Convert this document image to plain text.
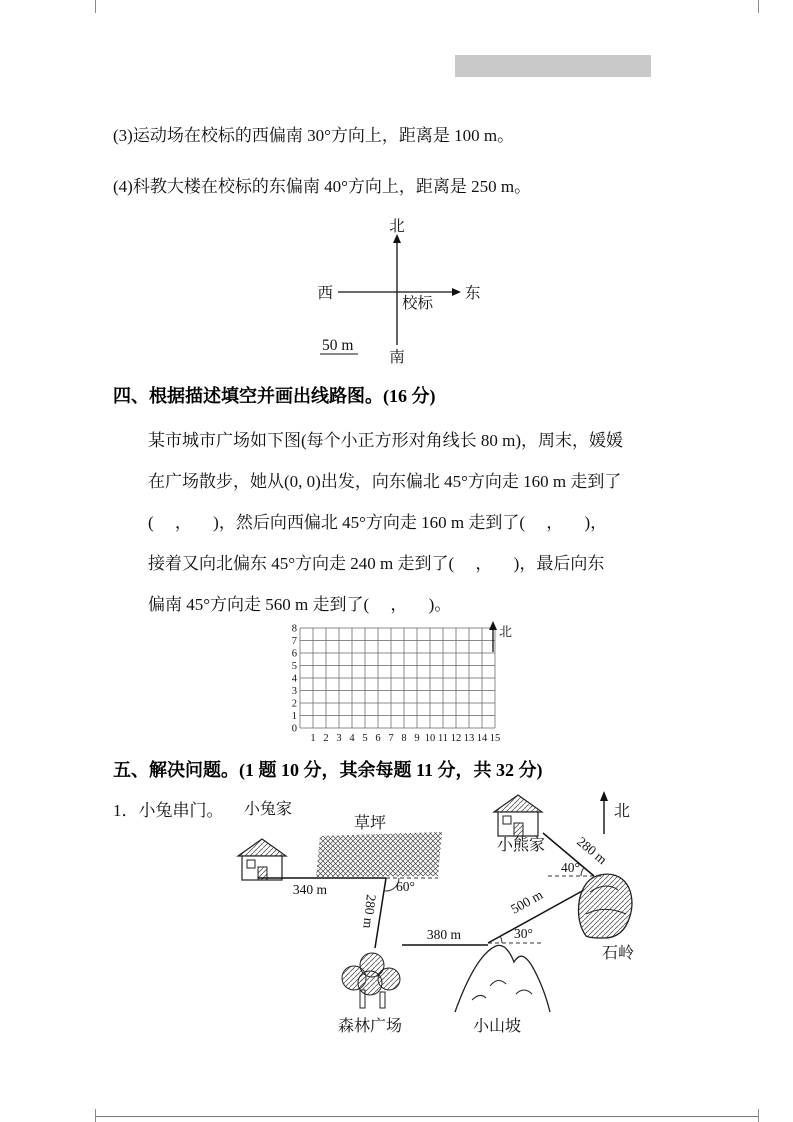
(3)运动场在校标的西偏南 30°方向上，距离是 100 m。

(4)科教大楼在校标的东偏南 40°方向上，距离是 250 m。

北
南
西	东
校标
50 m

四、根据描述填空并画出线路图。(16 分)

某市城市广场如下图(每个小正方形对角线长 80 m)，周末，媛媛

在广场散步，她从(0, 0)出发，向东偏北 45°方向走 160 m 走到了

(     ，     )，然后向西偏北 45°方向走 160 m 走到了(     ，     )，

接着又向北偏东 45°方向走 240 m 走到了(     ，     )，最后向东

偏南 45°方向走 560 m 走到了(     ，     )。

8
7
6
5
4
3
2
1
0
1 2 3 4 5 6 7 8 9 10 11 12 13 14 15
北

五、解决问题。(1 题 10 分，其余每题 11 分，共 32 分)

1．小兔串门。 小兔家
草坪
340 m	60°
280 m
森林广场
380 m
小山坡
30°
500 m
石岭
小熊家
40°
280 m
北
